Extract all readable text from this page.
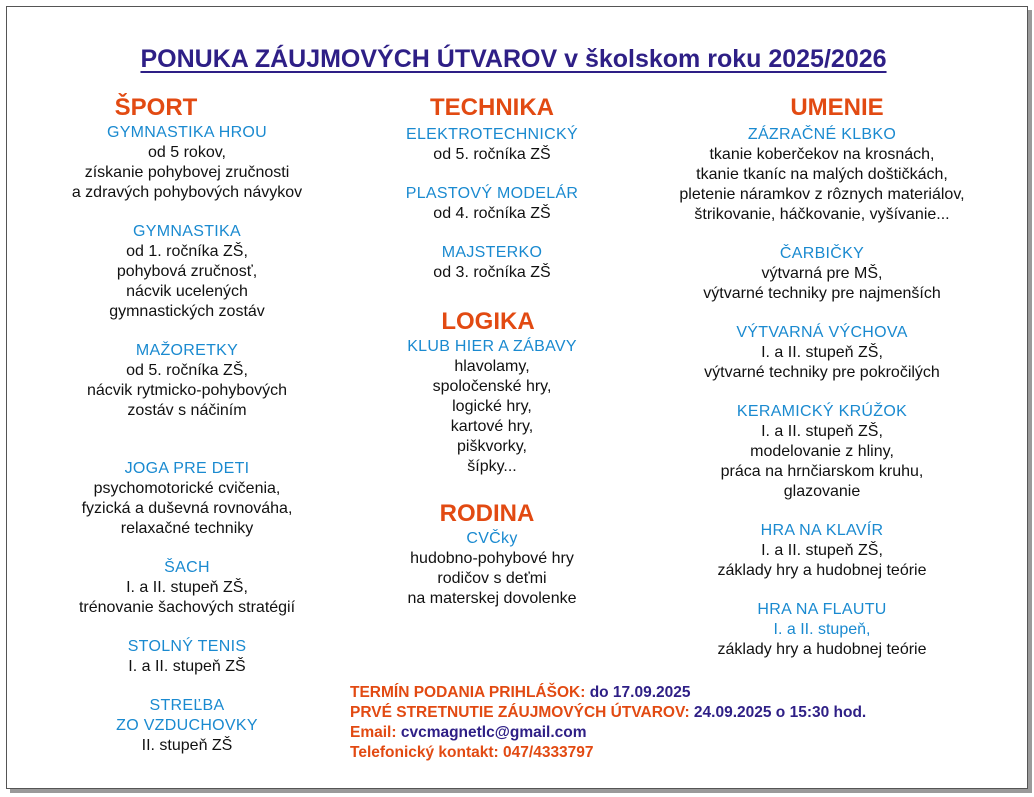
PONUKA ZÁUJMOVÝCH ÚTVAROV v školskom roku 2025/2026
ŠPORT
GYMNASTIKA HROU
od 5 rokov,
získanie pohybovej zručnosti
a zdravých pohybových návykov
GYMNASTIKA
od 1. ročníka ZŠ,
pohybová zručnosť,
nácvik ucelených
gymnastických zostáv
MAŽORETKY
od 5. ročníka ZŠ,
nácvik rytmicko-pohybových
zostáv s náčiním
JOGA PRE DETI
psychomotorické cvičenia,
fyzická a duševná rovnováha,
relaxačné techniky
ŠACH
I. a II. stupeň ZŠ,
trénovanie šachových stratégií
STOLNÝ TENIS
I. a II. stupeň ZŠ
STREĽBA
ZO VZDUCHOVKY
II. stupeň ZŠ
TECHNIKA
ELEKTROTECHNICKÝ
od 5. ročníka ZŠ
PLASTOVÝ MODELÁR
od 4. ročníka ZŠ
MAJSTERKO
od 3. ročníka ZŠ
LOGIKA
KLUB HIER A ZÁBAVY
hlavolamy,
spoločenské hry,
logické hry,
kartové hry,
piškvorky,
šípky...
RODINA
CVČky
hudobno-pohybové hry
rodičov s deťmi
na materskej dovolenke
UMENIE
ZÁZRAČNÉ KLBKO
tkanie koberčekov na krosnách,
tkanie tkaníc na malých doštičkách,
pletenie náramkov z rôznych materiálov,
štrikovanie, háčkovanie, vyšívanie...
ČARBIČKY
výtvarná pre MŠ,
výtvarné techniky pre najmenších
VÝTVARNÁ VÝCHOVA
I. a II. stupeň ZŠ,
výtvarné techniky pre pokročilých
KERAMICKÝ KRÚŽOK
I. a II. stupeň ZŠ,
modelovanie z hliny,
práca na hrnčiarskom kruhu,
glazovanie
HRA NA KLAVÍR
I. a II. stupeň ZŠ,
základy hry a hudobnej teórie
HRA NA FLAUTU
I. a II. stupeň,
základy hry a hudobnej teórie
TERMÍN PODANIA PRIHLÁŠOK: do 17.09.2025
PRVÉ STRETNUTIE ZÁUJMOVÝCH ÚTVAROV: 24.09.2025 o 15:30 hod.
Email: cvcmagnetlc@gmail.com
Telefonický kontakt: 047/4333797
